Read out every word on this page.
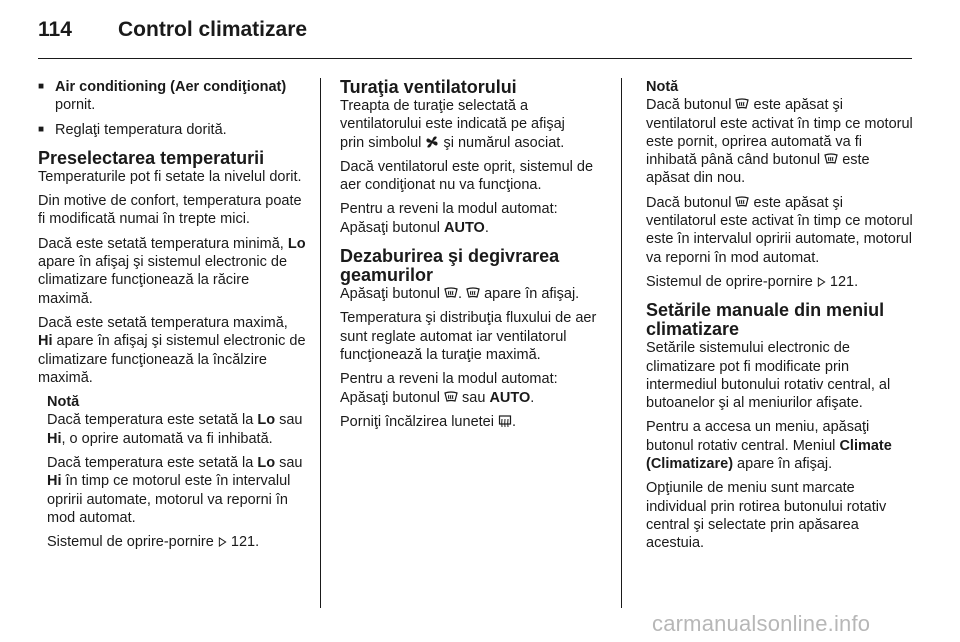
114	Control climatizare
■ Air conditioning (Aer condiţionat)
pornit.
■ Reglaţi temperatura dorită.
Preselectarea temperaturii

Temperaturile pot fi setate la nivelul dorit.

Din motive de confort, temperatura poate fi modificată numai în trepte mici.

Dacă este setată temperatura minimă, Lo apare în afişaj şi sistemul electronic de climatizare funcţionează la răcire maximă.

Dacă este setată temperatura maximă, Hi apare în afişaj şi sistemul electronic de climatizare funcţionează la încălzire maximă.

Notă

Dacă temperatura este setată la Lo sau Hi, o oprire automată va fi inhibată.

Dacă temperatura este setată la Lo sau Hi în timp ce motorul este în intervalul opririi automate, motorul va reporni în mod automat.

Sistemul de oprire-pornire  121.

Turaţia ventilatorului

Treapta de turaţie selectată a ventilatorului este indicată pe afişaj
prin simbolul  şi numărul asociat.

Dacă ventilatorul este oprit, sistemul de aer condiţionat nu va funcţiona.

Pentru a reveni la modul automat: Apăsaţi butonul AUTO.

Dezaburirea şi degivrarea geamurilor

Apăsaţi butonul .  apare în afişaj.

Temperatura şi distribuţia fluxului de aer sunt reglate automat iar ventilatorul funcţionează la turaţie maximă.

Pentru a reveni la modul automat: Apăsaţi butonul  sau AUTO.

Porniţi încălzirea lunetei .

Notă

Dacă butonul  este apăsat şi ventilatorul este activat în timp ce motorul este pornit, oprirea automată va fi inhibată până când butonul  este apăsat din nou.

Dacă butonul  este apăsat şi ventilatorul este activat în timp ce motorul este în intervalul opririi automate, motorul va reporni în mod automat.

Sistemul de oprire-pornire  121.

Setările manuale din meniul climatizare

Setările sistemului electronic de climatizare pot fi modificate prin intermediul butonului rotativ central, al butoanelor şi al meniurilor afişate.

Pentru a accesa un meniu, apăsaţi butonul rotativ central. Meniul Climate (Climatizare) apare în afişaj.

Opţiunile de meniu sunt marcate individual prin rotirea butonului rotativ central şi selectate prin apăsarea acestuia.

carmanualsonline.info
